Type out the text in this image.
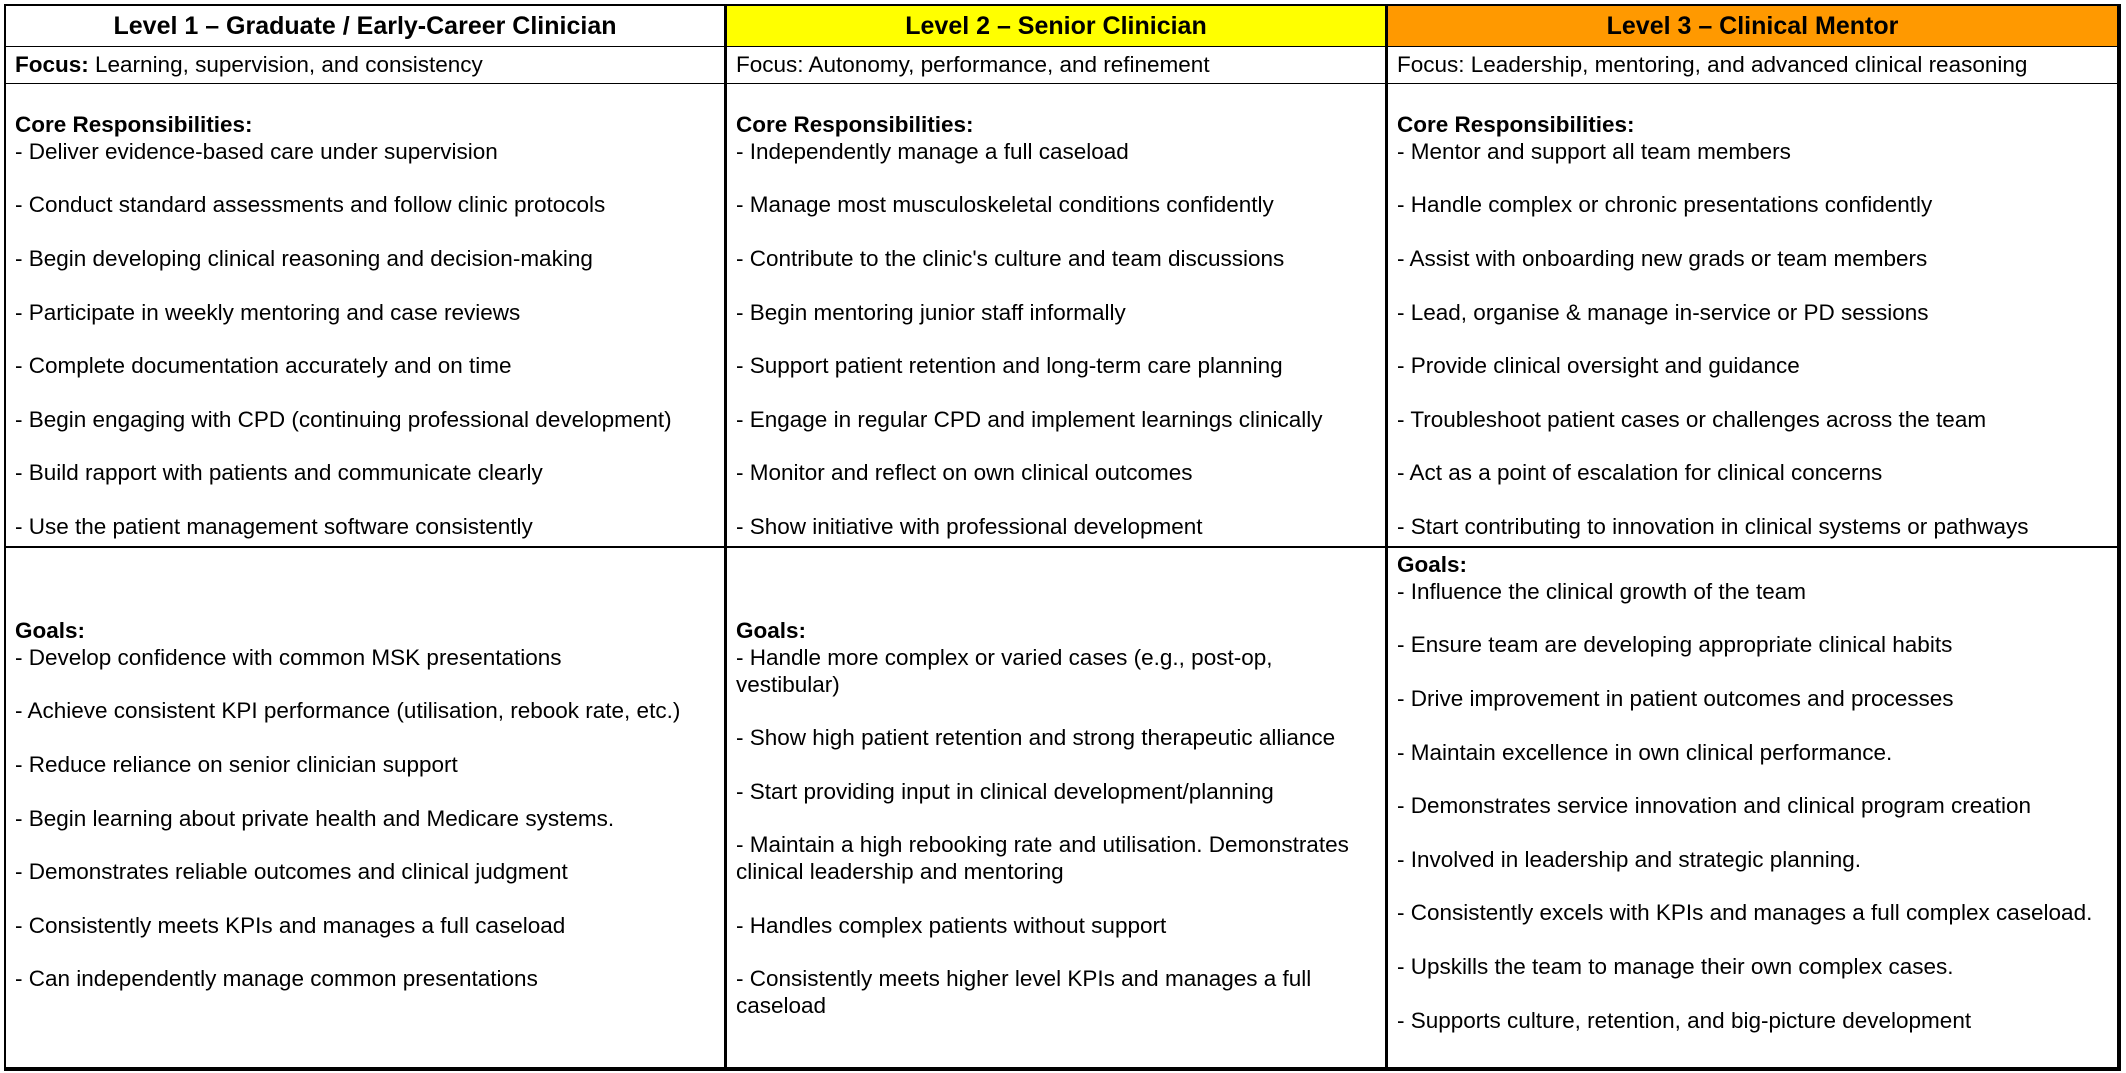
Level 1 – Graduate / Early-Career Clinician
Focus: Learning, supervision, and consistency
Core Responsibilities:
- Deliver evidence-based care under supervision
- Conduct standard assessments and follow clinic protocols
- Begin developing clinical reasoning and decision-making
- Participate in weekly mentoring and case reviews
- Complete documentation accurately and on time
- Begin engaging with CPD (continuing professional development)
- Build rapport with patients and communicate clearly
- Use the patient management software consistently
Goals:
- Develop confidence with common MSK presentations
- Achieve consistent KPI performance (utilisation, rebook rate, etc.)
- Reduce reliance on senior clinician support
- Begin learning about private health and Medicare systems.
- Demonstrates reliable outcomes and clinical judgment
- Consistently meets KPIs and manages a full caseload
- Can independently manage common presentations
Level 2 – Senior Clinician
Focus: Autonomy, performance, and refinement
Core Responsibilities:
- Independently manage a full caseload
- Manage most musculoskeletal conditions confidently
- Contribute to the clinic's culture and team discussions
- Begin mentoring junior staff informally
- Support patient retention and long-term care planning
- Engage in regular CPD and implement learnings clinically
- Monitor and reflect on own clinical outcomes
- Show initiative with professional development
Goals:
- Handle more complex or varied cases (e.g., post-op, vestibular)
- Show high patient retention and strong therapeutic alliance
- Start providing input in clinical development/planning
- Maintain a high rebooking rate and utilisation. Demonstrates clinical leadership and mentoring
- Handles complex patients without support
- Consistently meets higher level KPIs and manages a full caseload
Level 3 – Clinical Mentor
Focus: Leadership, mentoring, and advanced clinical reasoning
Core Responsibilities:
- Mentor and support all team members
- Handle complex or chronic presentations confidently
- Assist with onboarding new grads or team members
- Lead, organise & manage in-service or PD sessions
- Provide clinical oversight and guidance
- Troubleshoot patient cases or challenges across the team
- Act as a point of escalation for clinical concerns
- Start contributing to innovation in clinical systems or pathways
Goals:
- Influence the clinical growth of the team
- Ensure team are developing appropriate clinical habits
- Drive improvement in patient outcomes and processes
- Maintain excellence in own clinical performance.
- Demonstrates service innovation and clinical program creation
- Involved in leadership and strategic planning.
- Consistently excels with KPIs and manages a full complex caseload.
- Upskills the team to manage their own complex cases.
- Supports culture, retention, and big-picture development
